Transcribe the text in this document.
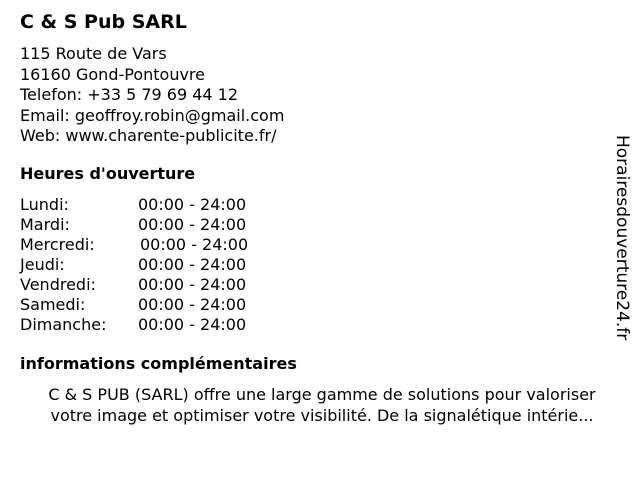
C & S Pub SARL
115 Route de Vars
16160 Gond-Pontouvre
Telefon: +33 5 79 69 44 12
Email: geoffroy.robin@gmail.com
Web: www.charente-publicite.fr/
Heures d'ouverture
Lundi:	00:00 - 24:00
Mardi:	00:00 - 24:00
Mercredi:	00:00 - 24:00
Jeudi:	00:00 - 24:00
Vendredi:	00:00 - 24:00
Samedi:	00:00 - 24:00
Dimanche:	00:00 - 24:00
informations complémentaires
C & S PUB (SARL) offre une large gamme de solutions pour valoriser
votre image et optimiser votre visibilité. De la signalétique intérie...
Horairesdouverture24.fr
